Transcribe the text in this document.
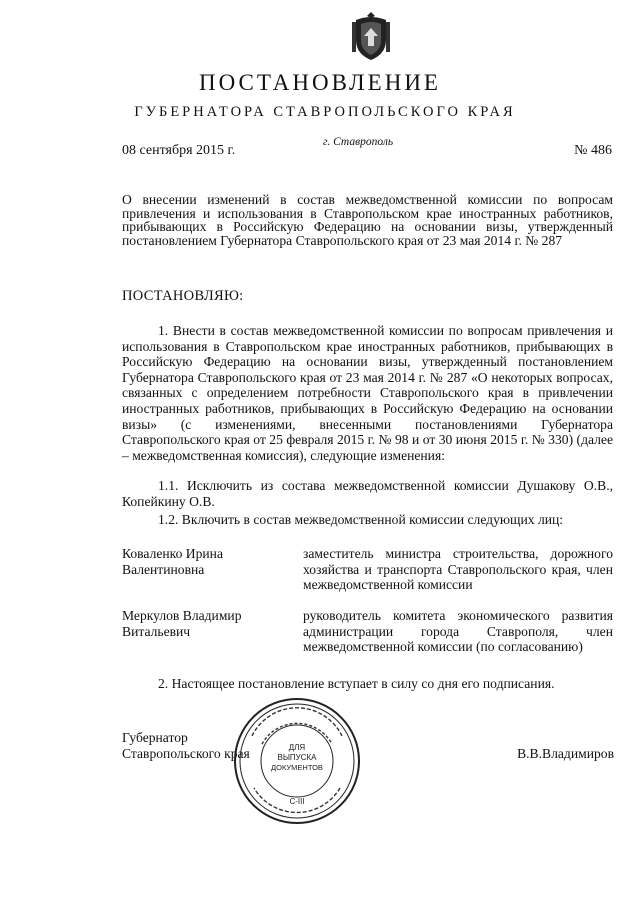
ПОСТАНОВЛЕНИЕ
ГУБЕРНАТОРА СТАВРОПОЛЬСКОГО КРАЯ
08 сентября 2015 г.
г. Ставрополь
№ 486
О внесении изменений в состав межведомственной комиссии по вопросам привлечения и использования в Ставропольском крае иностранных работников, прибывающих в Российскую Федерацию на основании визы, утвержденный постановлением Губернатора Ставропольского края от 23 мая 2014 г. № 287
ПОСТАНОВЛЯЮ:

1. Внести в состав межведомственной комиссии по вопросам привлечения и использования в Ставропольском крае иностранных работников, прибывающих в Российскую Федерацию на основании визы, утвержденный постановлением Губернатора Ставропольского края от 23 мая 2014 г. № 287 «О некоторых вопросах, связанных с определением потребности Ставропольского края в привлечении иностранных работников, прибывающих в Российскую Федерацию на основании визы» (с изменениями, внесенными постановлениями Губернатора Ставропольского края от 25 февраля 2015 г. № 98 и от 30 июня 2015 г. № 330) (далее – межведомственная комиссия), следующие изменения:

1.1. Исключить из состава межведомственной комиссии Душакову О.В., Копейкину О.В.
1.2. Включить в состав межведомственной комиссии следующих лиц:
Коваленко Ирина
Валентиновна
заместитель министра строительства, дорожного хозяйства и транспорта Ставропольского края, член межведомственной комиссии
Меркулов Владимир
Витальевич
руководитель комитета экономического развития администрации города Ставрополя, член межведомственной комиссии (по согласованию)
2. Настоящее постановление вступает в силу со дня его подписания.
Губернатор
Ставропольского края	В.В.Владимиров
ДЛЯ
ВЫПУСКА
ДОКУМЕНТОВ
С-III
